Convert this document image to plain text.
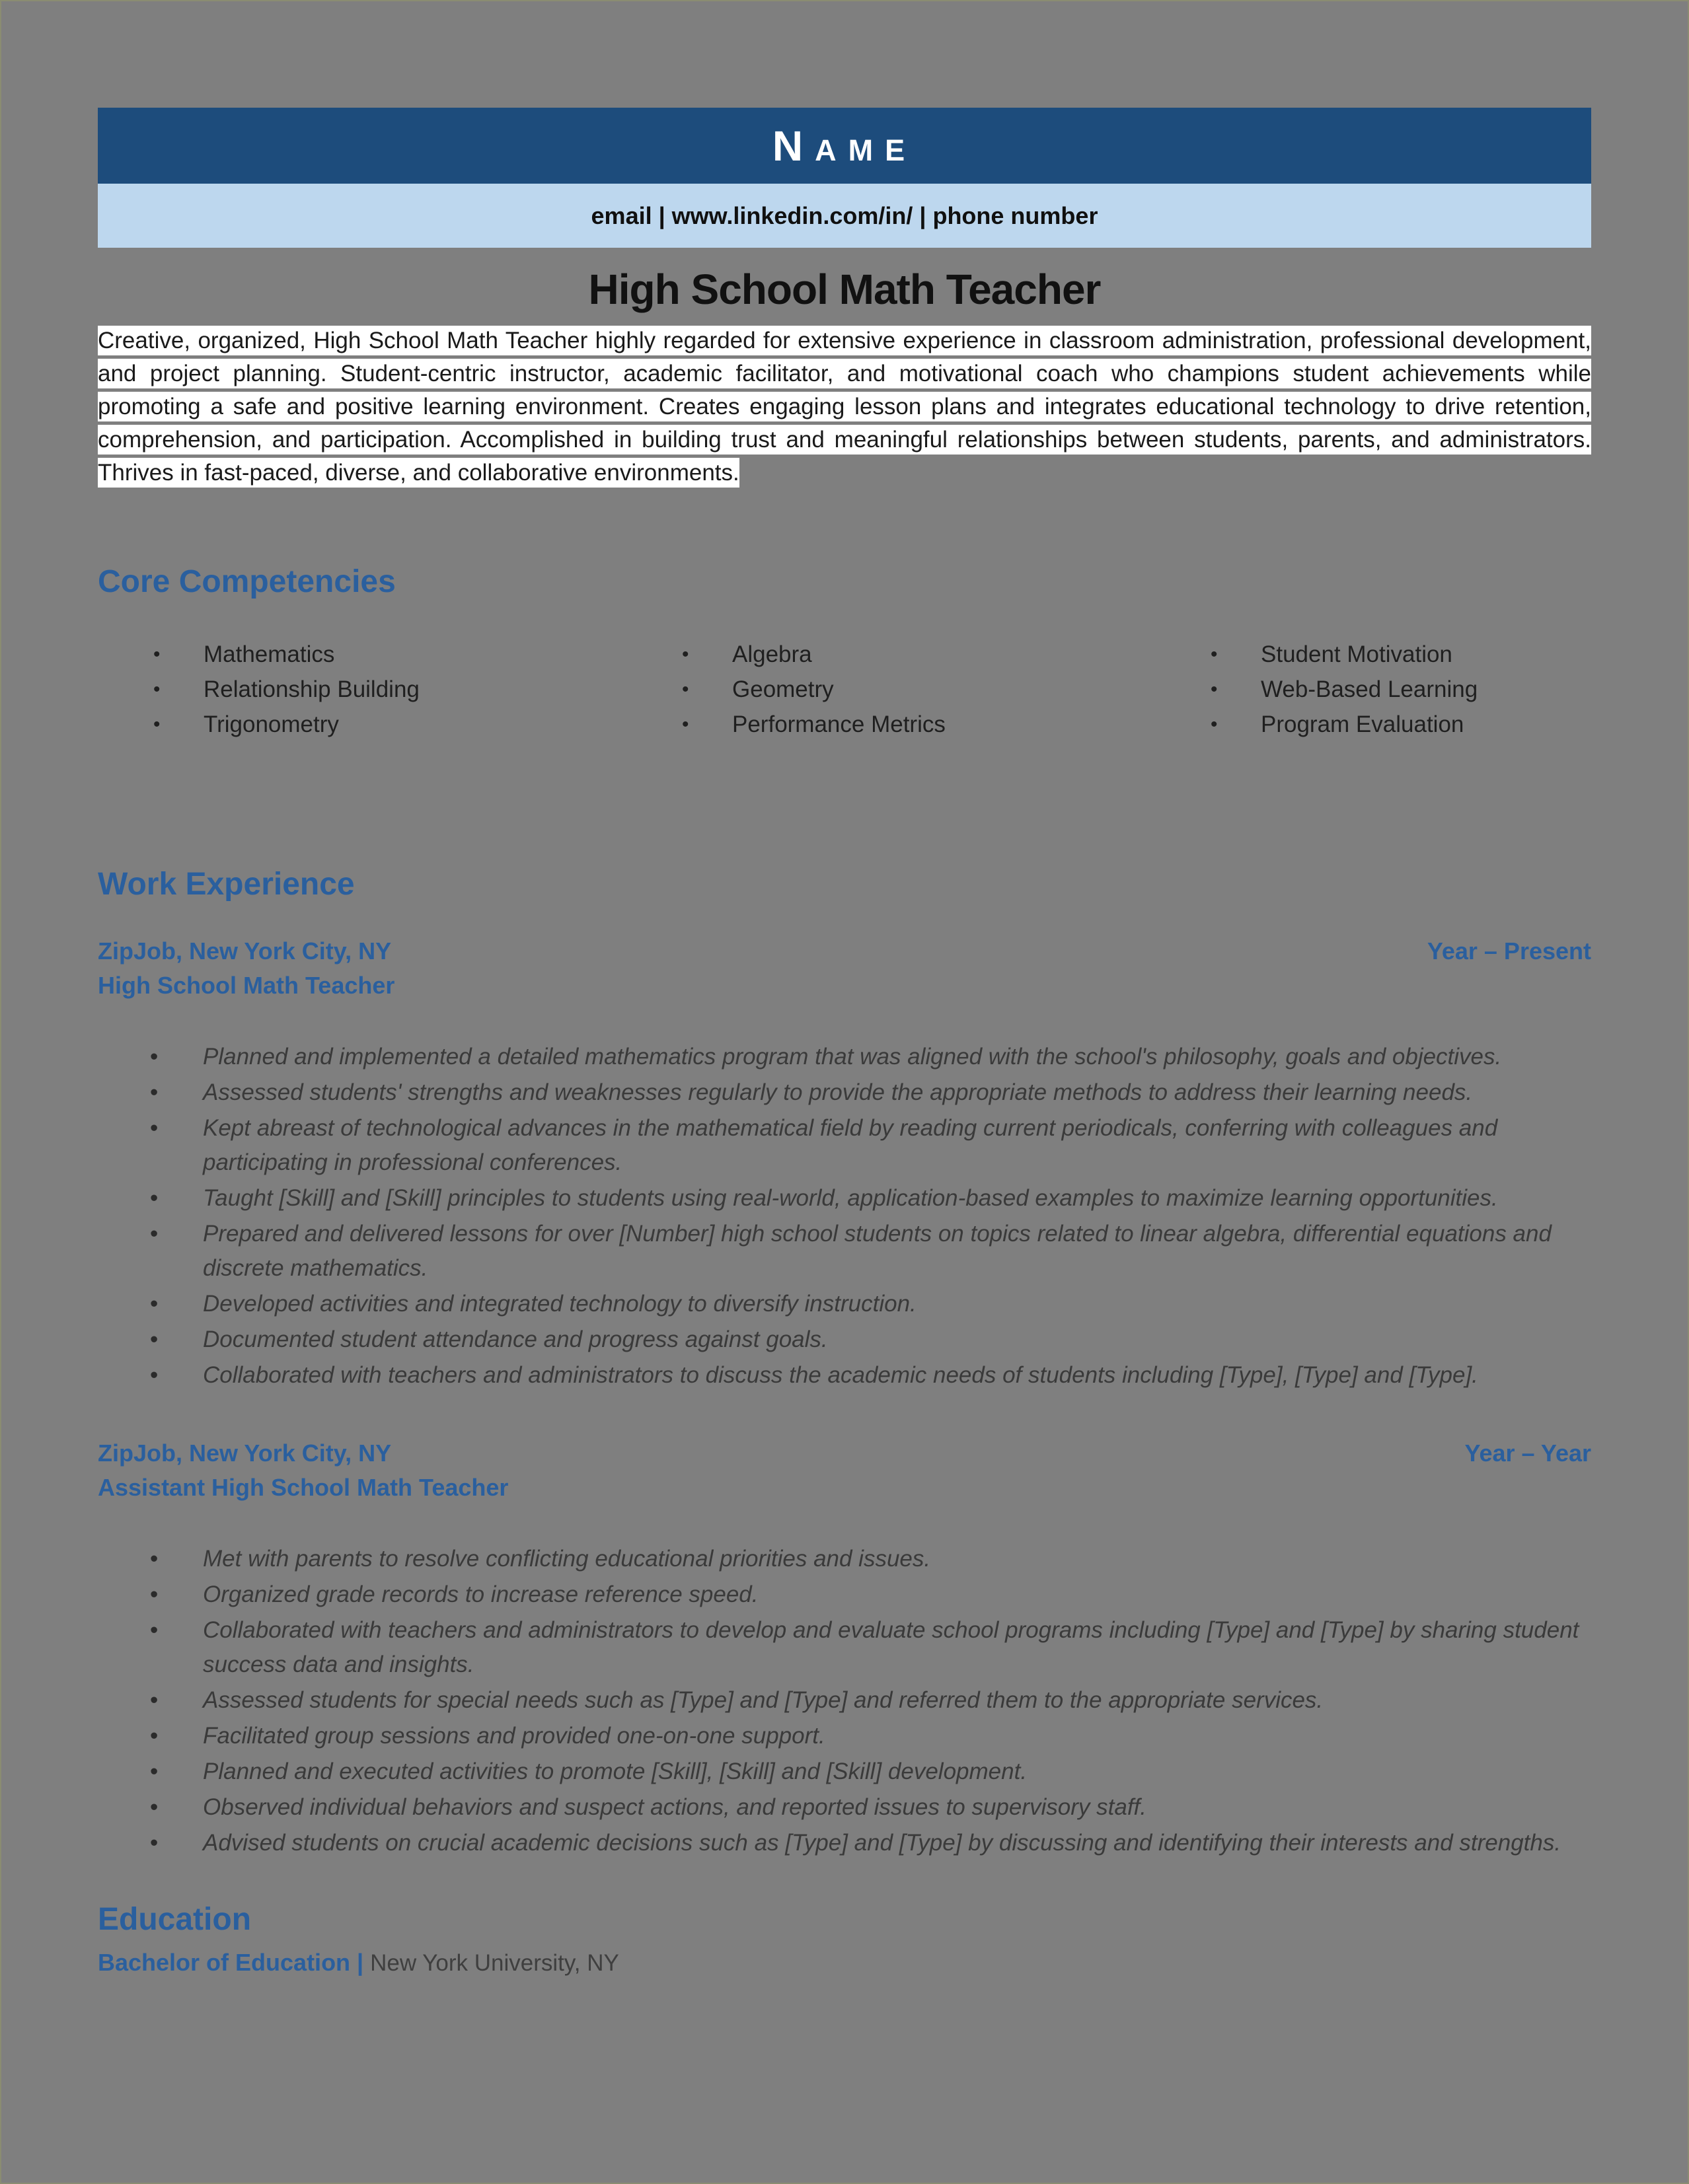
Name
email | www.linkedin.com/in/ | phone number
High School Math Teacher

Creative, organized, High School Math Teacher highly regarded for extensive experience in classroom administration, professional development, and project planning. Student-centric instructor, academic facilitator, and motivational coach who champions student achievements while promoting a safe and positive learning environment. Creates engaging lesson plans and integrates educational technology to drive retention, comprehension, and participation. Accomplished in building trust and meaningful relationships between students, parents, and administrators. Thrives in fast-paced, diverse, and collaborative environments.

Core Competencies
• Mathematics
• Relationship Building
• Trigonometry
• Algebra
• Geometry
• Performance Metrics
• Student Motivation
• Web-Based Learning
• Program Evaluation
Work Experience
ZipJob, New York City, NY	Year – Present
High School Math Teacher
• Planned and implemented a detailed mathematics program that was aligned with the school's philosophy, goals and objectives.
• Assessed students' strengths and weaknesses regularly to provide the appropriate methods to address their learning needs.
• Kept abreast of technological advances in the mathematical field by reading current periodicals, conferring with colleagues and participating in professional conferences.
• Taught [Skill] and [Skill] principles to students using real-world, application-based examples to maximize learning opportunities.
• Prepared and delivered lessons for over [Number] high school students on topics related to linear algebra, differential equations and discrete mathematics.
• Developed activities and integrated technology to diversify instruction.
• Documented student attendance and progress against goals.
• Collaborated with teachers and administrators to discuss the academic needs of students including [Type], [Type] and [Type].
ZipJob, New York City, NY	Year – Year
Assistant High School Math Teacher
• Met with parents to resolve conflicting educational priorities and issues.
• Organized grade records to increase reference speed.
• Collaborated with teachers and administrators to develop and evaluate school programs including [Type] and [Type] by sharing student success data and insights.
• Assessed students for special needs such as [Type] and [Type] and referred them to the appropriate services.
• Facilitated group sessions and provided one-on-one support.
• Planned and executed activities to promote [Skill], [Skill] and [Skill] development.
• Observed individual behaviors and suspect actions, and reported issues to supervisory staff.
• Advised students on crucial academic decisions such as [Type] and [Type] by discussing and identifying their interests and strengths.
Education
Bachelor of Education | New York University, NY
